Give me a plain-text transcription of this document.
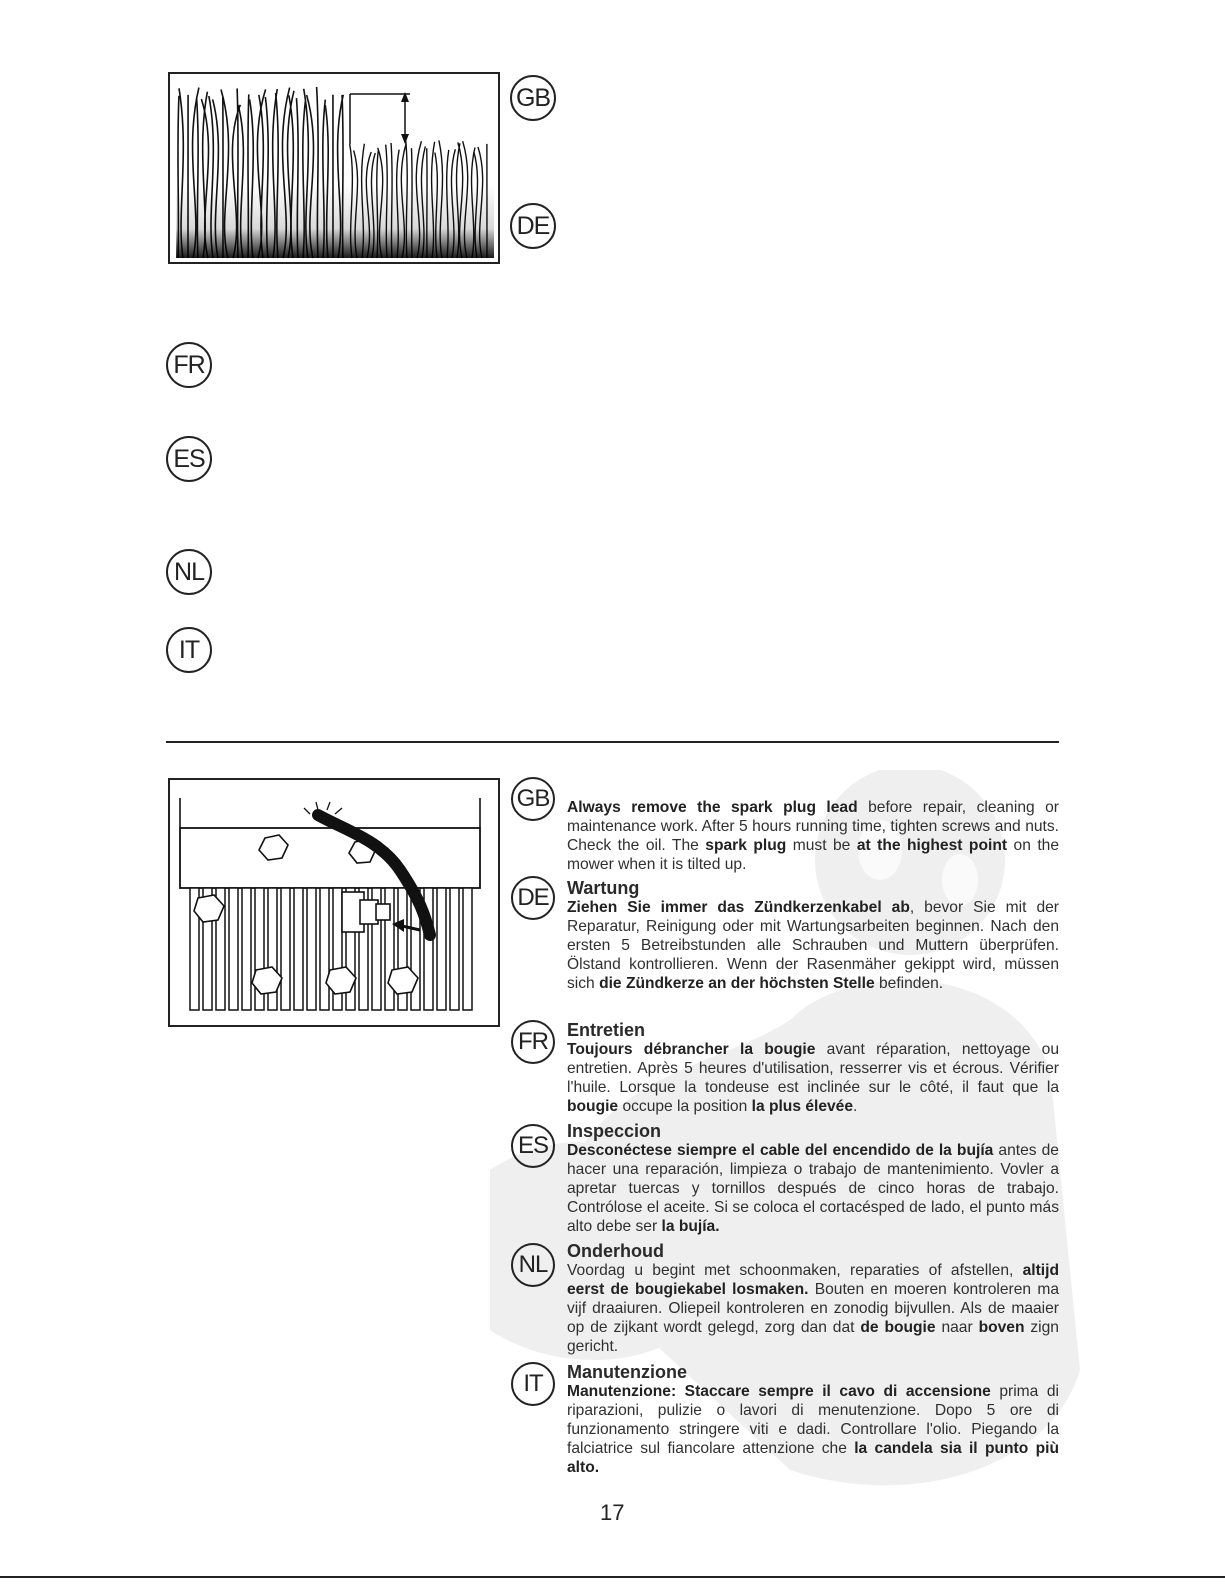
GB
DE
FR
ES
NL
IT
GB
DE
FR
ES
NL
IT
Always remove the spark plug lead before repair, cleaning or maintenance work. After 5 hours running time, tighten screws and nuts. Check the oil. The spark plug must be at the highest point on the mower when it is tilted up.
Wartung
Ziehen Sie immer das Zündkerzenkabel ab, bevor Sie mit der Reparatur, Reinigung oder mit Wartungsarbeiten beginnen. Nach den ersten 5 Betreibstunden alle Schrauben und Muttern überprüfen. Ölstand kontrollieren. Wenn der Rasenmäher gekippt wird, müssen sich die Zündkerze an der höchsten Stelle befinden.
Entretien
Toujours débrancher la bougie avant réparation, nettoyage ou entretien. Après 5 heures d'utilisation, resserrer vis et écrous. Vérifier l'huile. Lorsque la tondeuse est inclinée sur le côté, il faut que la bougie occupe la position la plus élevée.
Inspeccion
Desconéctese siempre el cable del encendido de la bujía antes de hacer una reparación, limpieza o trabajo de mantenimiento. Vovler a apretar tuercas y tornillos después de cinco horas de trabajo. Contrólose el aceite. Si se coloca el cortacésped de lado, el punto más alto debe ser la bujía.
Onderhoud
Voordag u begint met schoonmaken, reparaties of afstellen, altijd eerst de bougiekabel losmaken. Bouten en moeren kontroleren ma vijf draaiuren. Oliepeil kontroleren en zonodig bijvullen. Als de maaier op de zijkant wordt gelegd, zorg dan dat de bougie naar boven zign gericht.
Manutenzione
Manutenzione: Staccare sempre il cavo di accensione prima di riparazioni, pulizie o lavori di menutenzione. Dopo 5 ore di funzionamento stringere viti e dadi. Controllare l'olio. Piegando la falciatrice sul fiancolare attenzione che la candela sia il punto più alto.
17
